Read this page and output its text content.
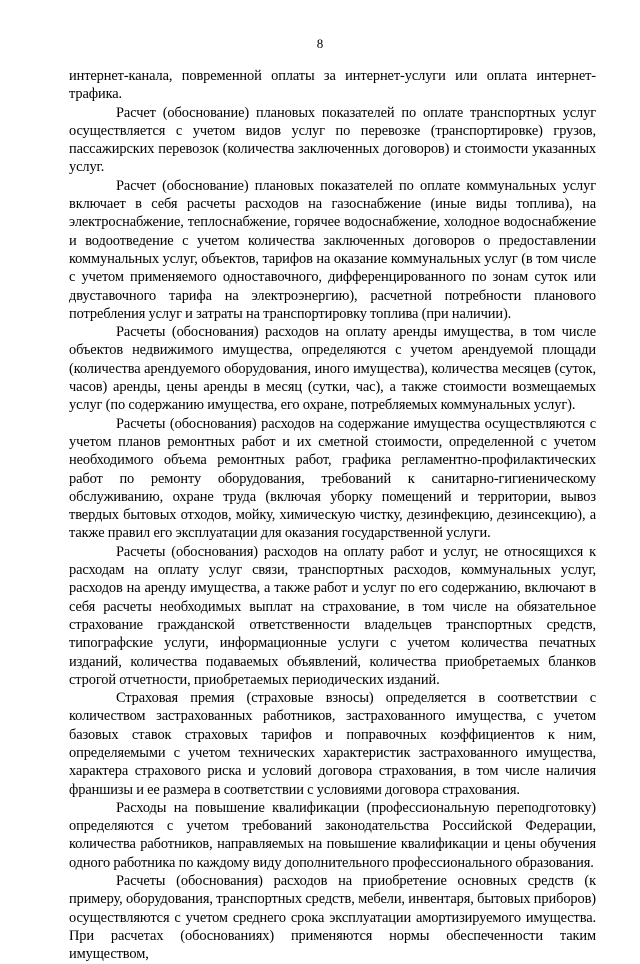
8

интернет-канала, повременной оплаты за интернет-услуги или оплата интернет-трафика.

Расчет (обоснование) плановых показателей по оплате транспортных услуг осуществляется с учетом видов услуг по перевозке (транспортировке) грузов, пассажирских перевозок (количества заключенных договоров) и стоимости указанных услуг.

Расчет (обоснование) плановых показателей по оплате коммунальных услуг включает в себя расчеты расходов на газоснабжение (иные виды топлива), на электроснабжение, теплоснабжение, горячее водоснабжение, холодное водоснабжение и водоотведение с учетом количества заключенных договоров о предоставлении коммунальных услуг, объектов, тарифов на оказание коммунальных услуг (в том числе с учетом применяемого одноставочного, дифференцированного по зонам суток или двуставочного тарифа на электроэнергию), расчетной потребности планового потребления услуг и затраты на транспортировку топлива (при наличии).

Расчеты (обоснования) расходов на оплату аренды имущества, в том числе объектов недвижимого имущества, определяются с учетом арендуемой площади (количества арендуемого оборудования, иного имущества), количества месяцев (суток, часов) аренды, цены аренды в месяц (сутки, час), а также стоимости возмещаемых услуг (по содержанию имущества, его охране, потребляемых коммунальных услуг).

Расчеты (обоснования) расходов на содержание имущества осуществляются с учетом планов ремонтных работ и их сметной стоимости, определенной с учетом необходимого объема ремонтных работ, графика регламентно-профилактических работ по ремонту оборудования, требований к санитарно-гигиеническому обслуживанию, охране труда (включая уборку помещений и территории, вывоз твердых бытовых отходов, мойку, химическую чистку, дезинфекцию, дезинсекцию), а также правил его эксплуатации для оказания государственной услуги.

Расчеты (обоснования) расходов на оплату работ и услуг, не относящихся к расходам на оплату услуг связи, транспортных расходов, коммунальных услуг, расходов на аренду имущества, а также работ и услуг по его содержанию, включают в себя расчеты необходимых выплат на страхование, в том числе на обязательное страхование гражданской ответственности владельцев транспортных средств, типографские услуги, информационные услуги с учетом количества печатных изданий, количества подаваемых объявлений, количества приобретаемых бланков строгой отчетности, приобретаемых периодических изданий.

Страховая премия (страховые взносы) определяется в соответствии с количеством застрахованных работников, застрахованного имущества, с учетом базовых ставок страховых тарифов и поправочных коэффициентов к ним, определяемыми с учетом технических характеристик застрахованного имущества, характера страхового риска и условий договора страхования, в том числе наличия франшизы и ее размера в соответствии с условиями договора страхования.

Расходы на повышение квалификации (профессиональную переподготовку) определяются с учетом требований законодательства Российской Федерации, количества работников, направляемых на повышение квалификации и цены обучения одного работника по каждому виду дополнительного профессионального образования.

Расчеты (обоснования) расходов на приобретение основных средств (к примеру, оборудования, транспортных средств, мебели, инвентаря, бытовых приборов) осуществляются с учетом среднего срока эксплуатации амортизируемого имущества. При расчетах (обоснованиях) применяются нормы обеспеченности таким имуществом,
